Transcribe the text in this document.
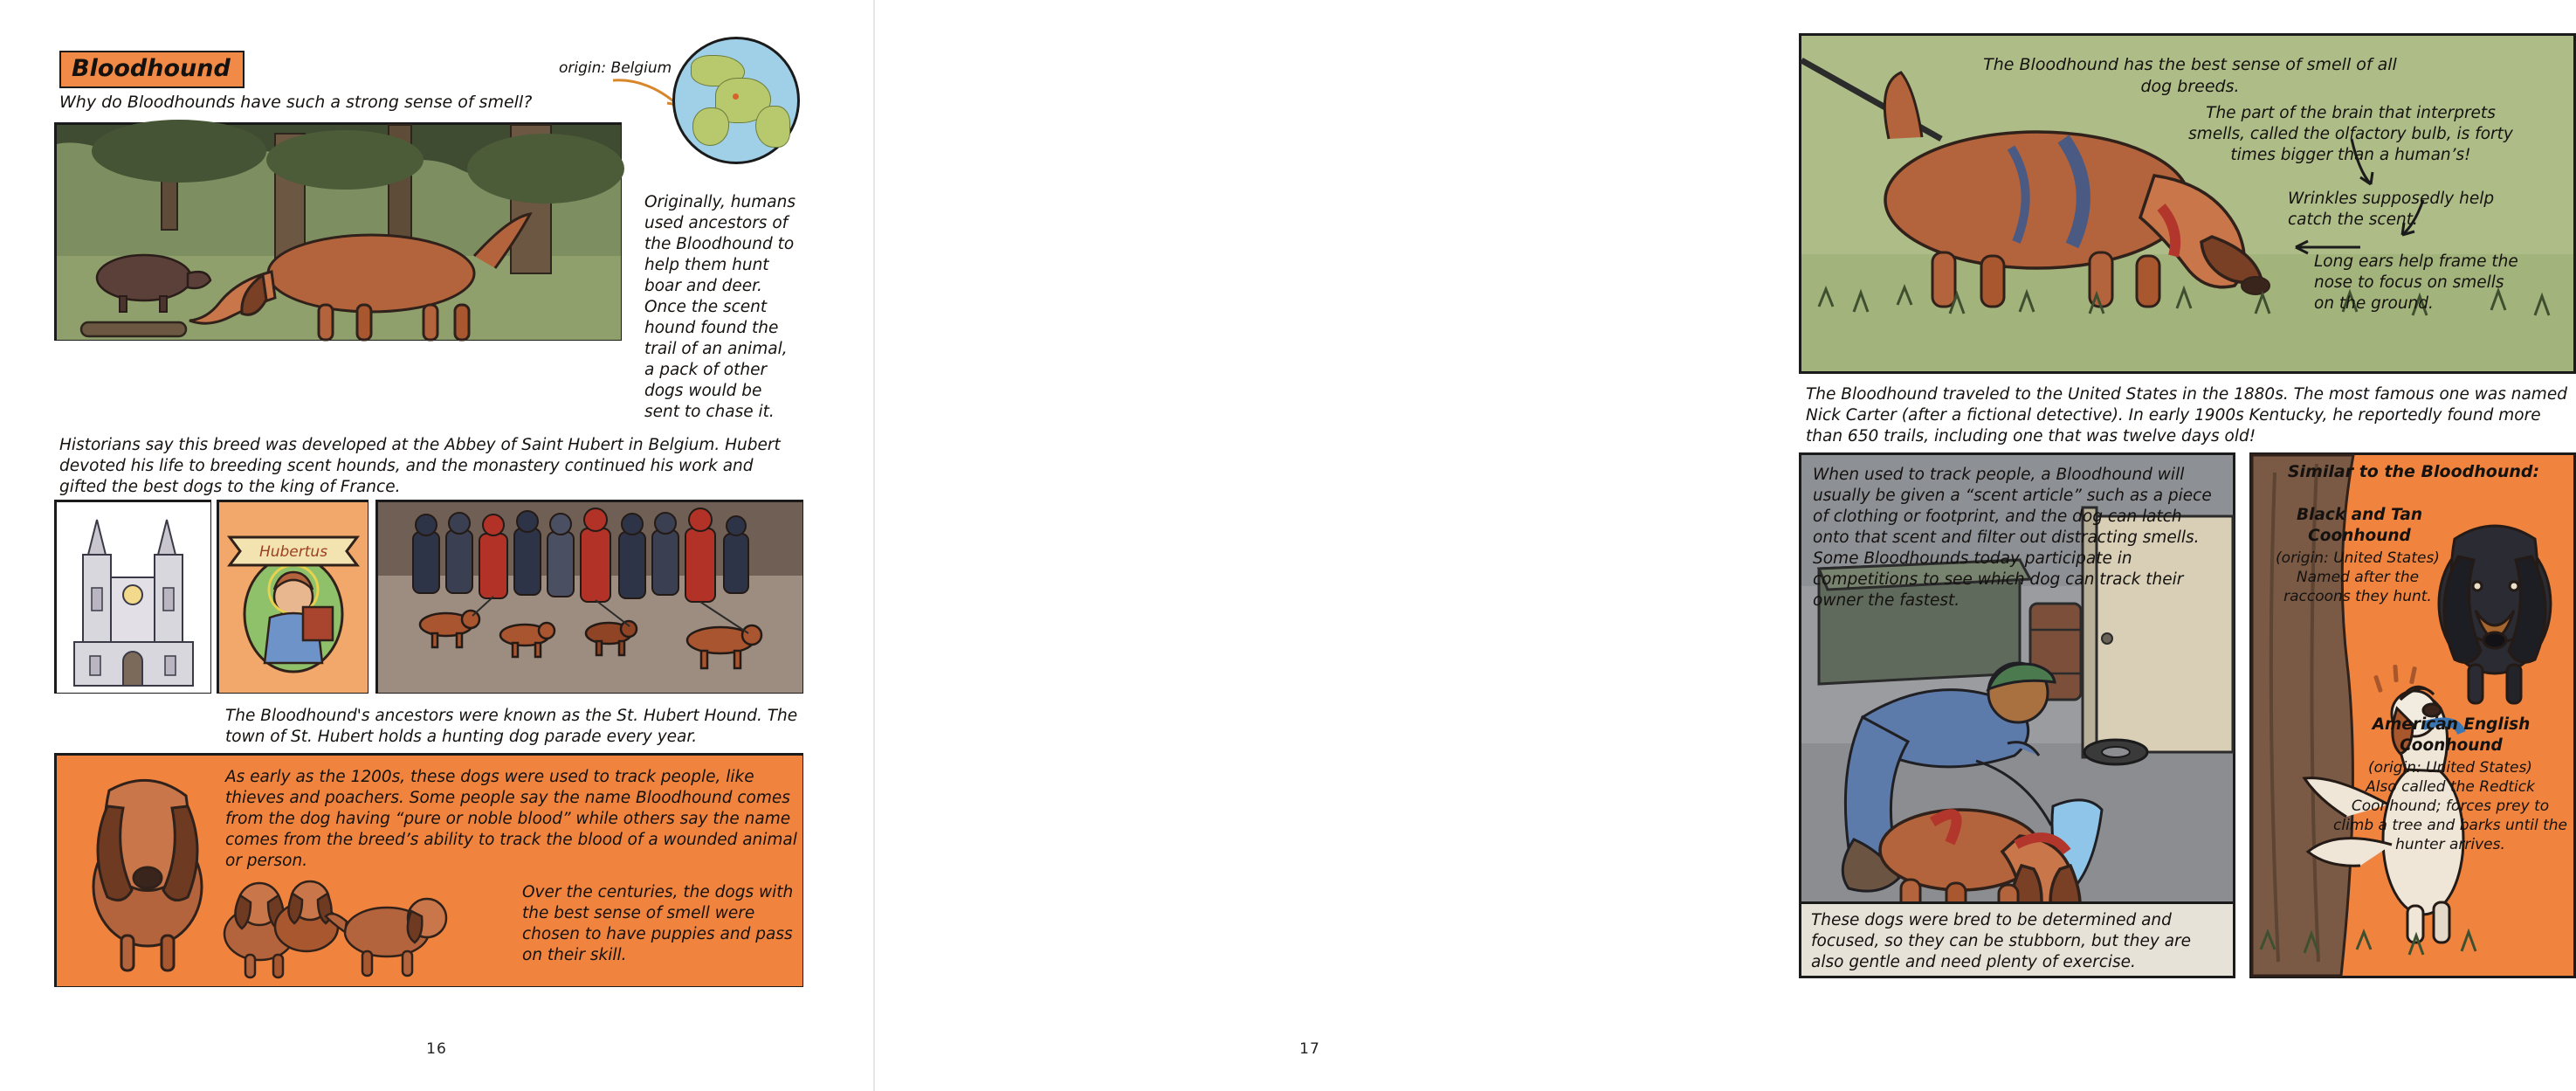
Bloodhound	origin: Belgium
Why do Bloodhounds have such a strong sense of smell?
Originally, humans used ancestors of the Bloodhound to help them hunt boar and deer. Once the scent hound found the trail of an animal, a pack of other dogs would be sent to chase it.
Historians say this breed was developed at the Abbey of Saint Hubert in Belgium. Hubert devoted his life to breeding scent hounds, and the monastery continued his work and gifted the best dogs to the king of France.
Hubertus
The Bloodhound's ancestors were known as the St. Hubert Hound. The town of St. Hubert holds a hunting dog parade every year.
As early as the 1200s, these dogs were used to track people, like thieves and poachers. Some people say the name Bloodhound comes from the dog having “pure or noble blood” while others say the name comes from the breed’s ability to track the blood of a wounded animal or person.
Over the centuries, the dogs with the best sense of smell were chosen to have puppies and pass on their skill.
16
The Bloodhound has the best sense of smell of all dog breeds.
The part of the brain that interprets smells, called the olfactory bulb, is forty times bigger than a human’s!
Wrinkles supposedly help catch the scent.
Long ears help frame the nose to focus on smells on the ground.
The Bloodhound traveled to the United States in the 1880s. The most famous one was named Nick Carter (after a fictional detective). In early 1900s Kentucky, he reportedly found more than 650 trails, including one that was twelve days old!
When used to track people, a Bloodhound will usually be given a “scent article” such as a piece of clothing or footprint, and the dog can latch onto that scent and filter out distracting smells. Some Bloodhounds today participate in competitions to see which dog can track their owner the fastest.
These dogs were bred to be determined and focused, so they can be stubborn, but they are also gentle and need plenty of exercise.
Similar to the Bloodhound:
Black and Tan
Coonhound
(origin: United States)
Named after the raccoons they hunt.
American English
Coonhound
(origin: United States)
Also called the Redtick Coonhound; forces prey to climb a tree and barks until the hunter arrives.
17
